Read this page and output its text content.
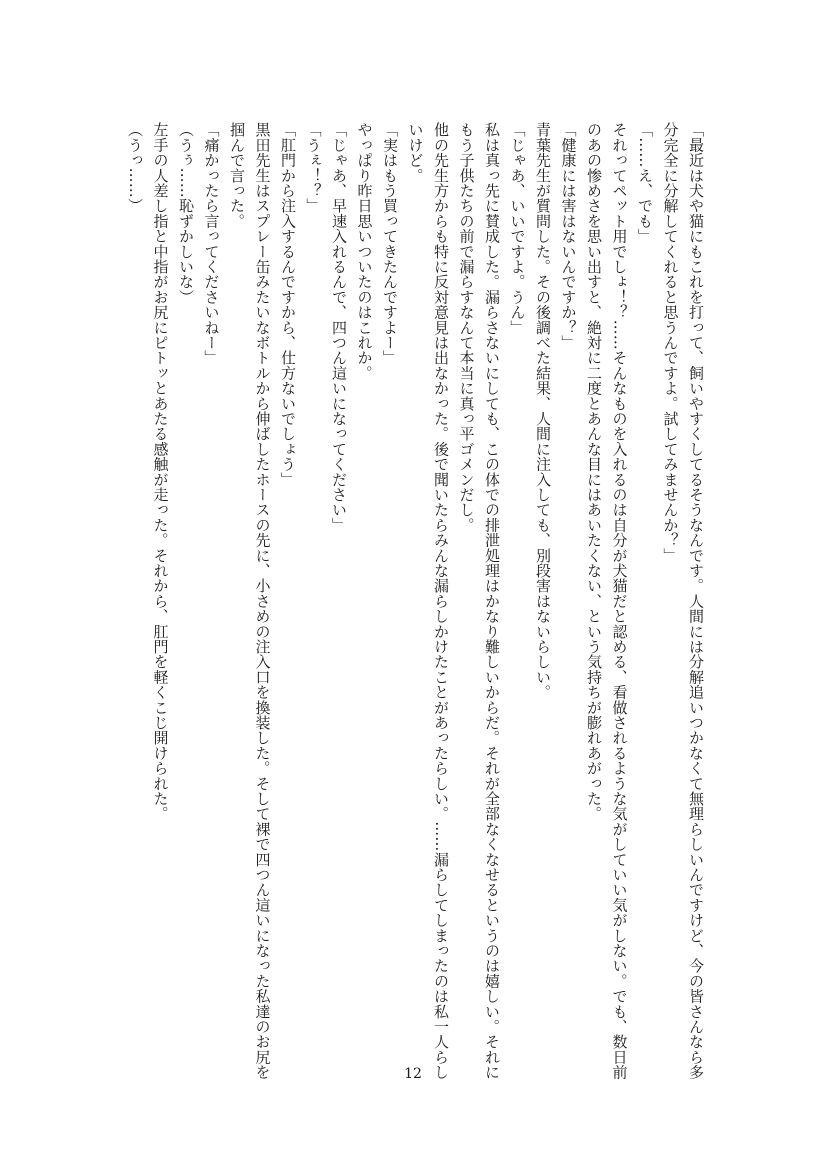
「最近は犬や猫にもこれを打って、飼いやすくしてるそうなんです。人間には分解追いつかなくて無理らしいんですけど、今の皆さんなら多
分完全に分解してくれると思うんですよ。試してみませんか？」
「……え、でも」
それってペット用でしょ！？……そんなものを入れるのは自分が犬猫だと認める、看做されるような気がしていい気がしない。でも、数日前
のあの惨めさを思い出すと、絶対に二度とあんな目にはあいたくない、という気持ちが膨れあがった。
「健康には害はないんですか？」
青葉先生が質問した。その後調べた結果、人間に注入しても、別段害はないらしい。
「じゃあ、いいですよ。うん」
私は真っ先に賛成した。漏らさないにしても、この体での排泄処理はかなり難しいからだ。それが全部なくなせるというのは嬉しい。それに
もう子供たちの前で漏らすなんて本当に真っ平ゴメンだし。
他の先生方からも特に反対意見は出なかった。後で聞いたらみんな漏らしかけたことがあったらしい。……漏らしてしまったのは私一人らし
いけど。
「実はもう買ってきたんですよー」
やっぱり昨日思いついたのはこれか。
「じゃあ、早速入れるんで、四つん這いになってください」
「うぇ！？」
「肛門から注入するんですから、仕方ないでしょう」
黒田先生はスプレー缶みたいなボトルから伸ばしたホースの先に、小さめの注入口を換装した。そして裸で四つん這いになった私達のお尻を
掴んで言った。
「痛かったら言ってくださいねー」
（うぅ……恥ずかしいな）
左手の人差し指と中指がお尻にピトッとあたる感触が走った。それから、肛門を軽くこじ開けられた。
（うっ……）
12
